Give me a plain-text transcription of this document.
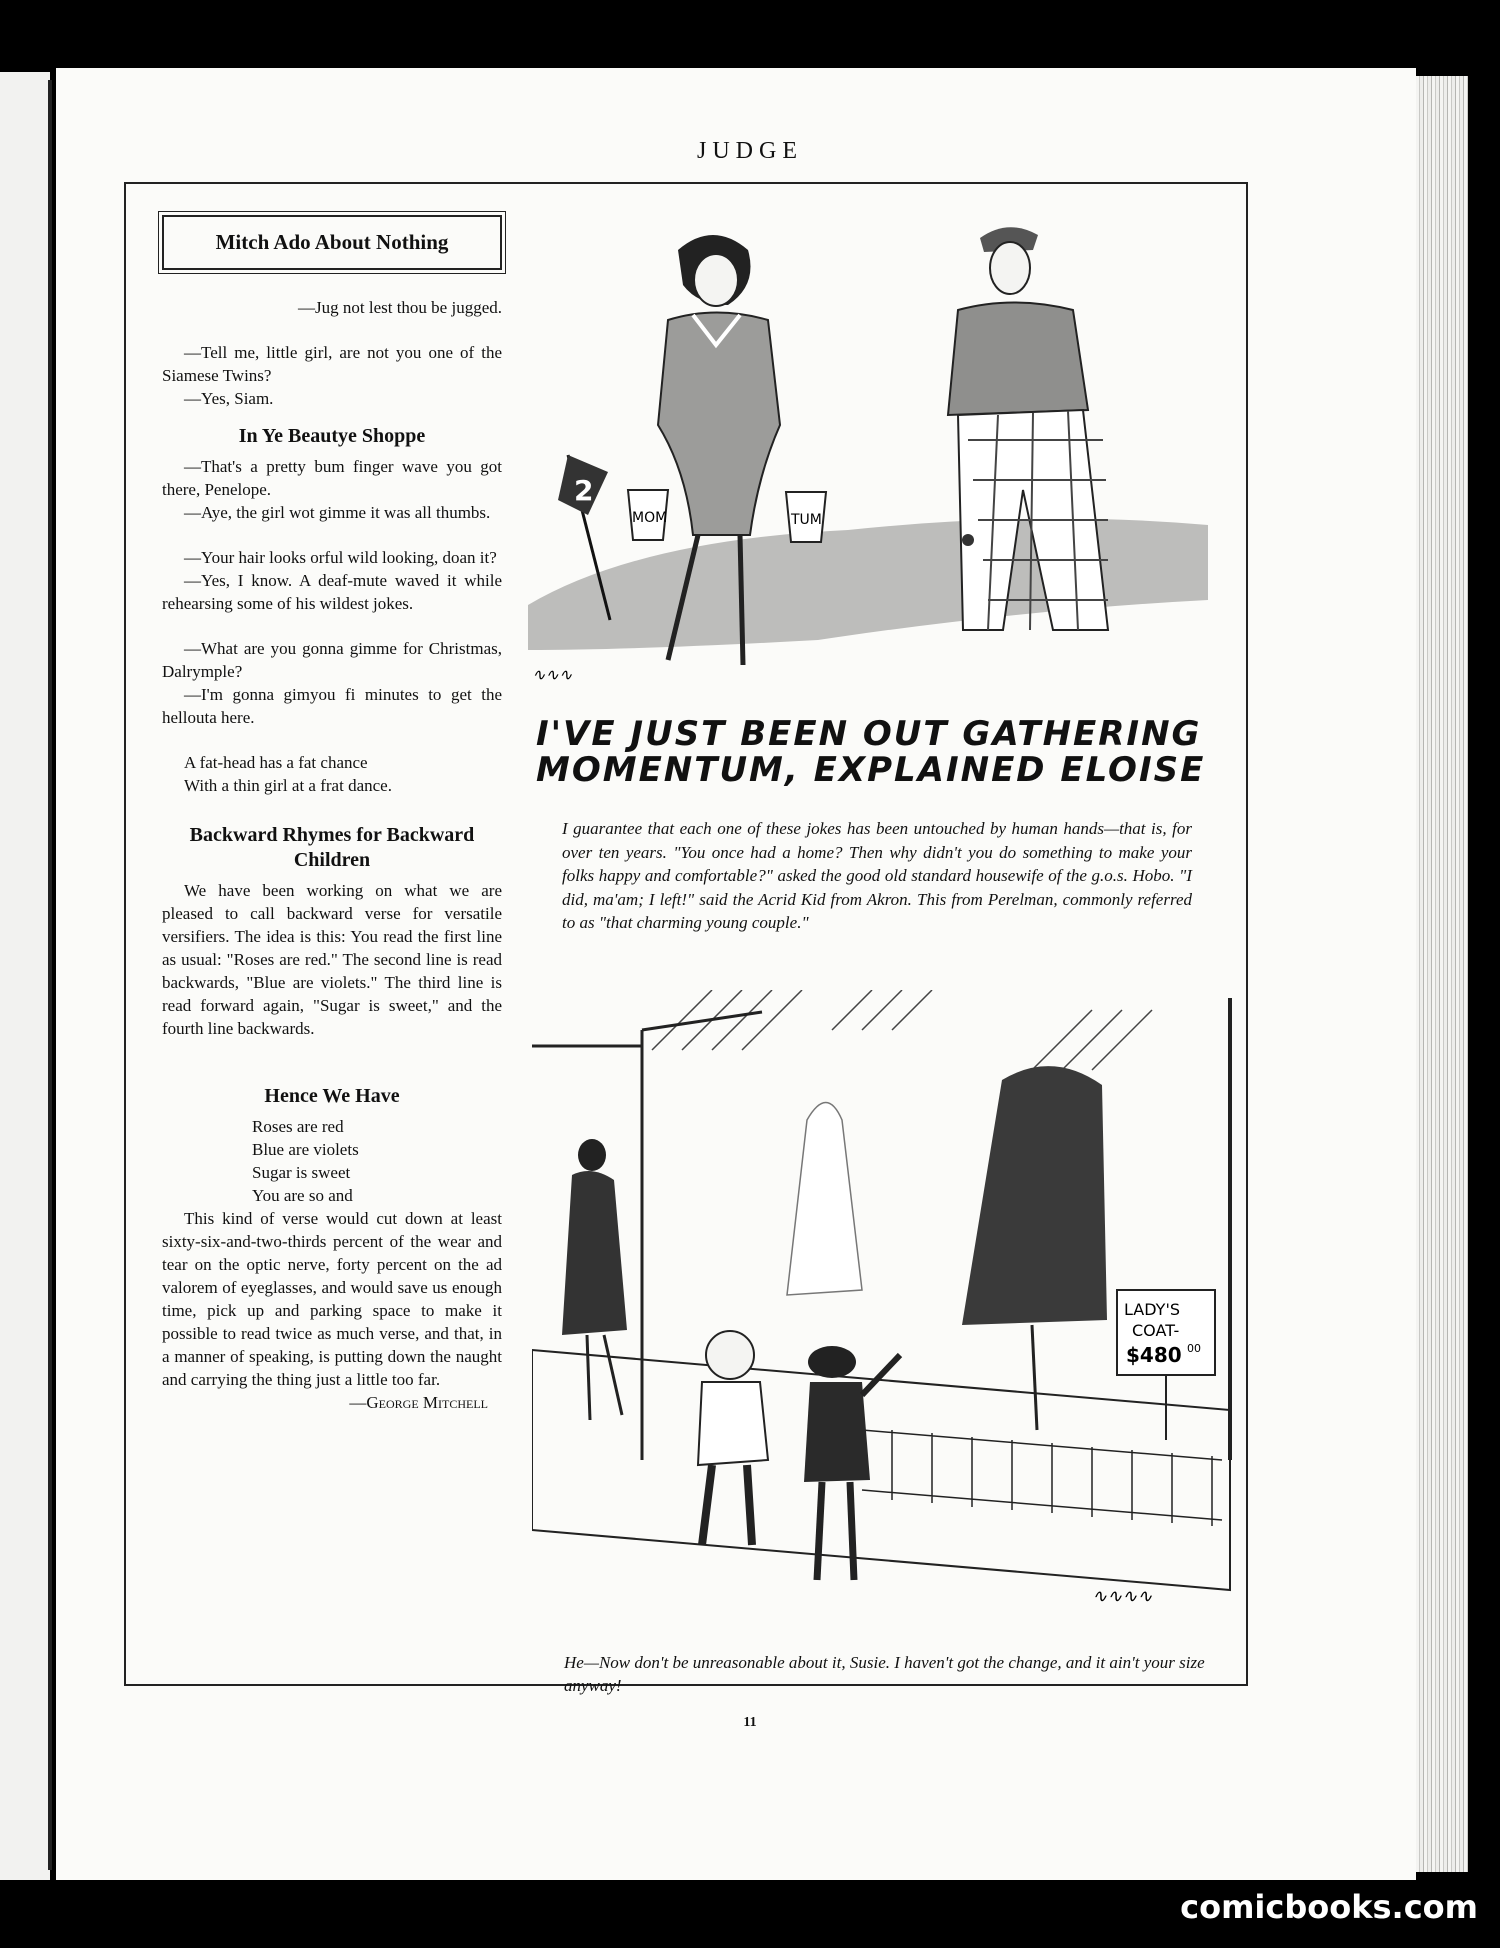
JUDGE
Mitch Ado About Nothing

—Jug not lest thou be jugged.

—Tell me, little girl, are not you one of the Siamese Twins?

—Yes, Siam.

In Ye Beautye Shoppe

—That's a pretty bum finger wave you got there, Penelope.

—Aye, the girl wot gimme it was all thumbs.

—Your hair looks orful wild looking, doan it?

—Yes, I know. A deaf-mute waved it while rehearsing some of his wildest jokes.

—What are you gonna gimme for Christmas, Dalrymple?

—I'm gonna gimyou fi minutes to get the hellouta here.

A fat-head has a fat chance

With a thin girl at a frat dance.

Backward Rhymes for Backward Children

We have been working on what we are pleased to call backward verse for versatile versifiers. The idea is this: You read the first line as usual: "Roses are red." The second line is read backwards, "Blue are violets." The third line is read forward again, "Sugar is sweet," and the fourth line backwards.

Hence We Have
Roses are red
Blue are violets
Sugar is sweet
You are so and

This kind of verse would cut down at least sixty-six-and-two-thirds percent of the wear and tear on the optic nerve, forty percent on the ad valorem of eyeglasses, and would save us enough time, pick up and parking space to make it possible to read twice as much verse, and that, in a manner of speaking, is putting down the naught and carrying the thing just a little too far.

—George Mitchell

2
MOM	TUM
∿∿∿
I'VE JUST BEEN OUT GATHERING
MOMENTUM, EXPLAINED ELOISE

I guarantee that each one of these jokes has been untouched by human hands—that is, for over ten years. "You once had a home? Then why didn't you do something to make your folks happy and comfortable?" asked the good old standard housewife of the g.o.s. Hobo. "I did, ma'am; I left!" said the Acrid Kid from Akron. This from Perelman, commonly referred to as "that charming young couple."

LADY'S
COAT-
$480 00
∿∿∿∿

He—Now don't be unreasonable about it, Susie. I haven't got the change, and it ain't your size anyway!

11
comicbooks.com
